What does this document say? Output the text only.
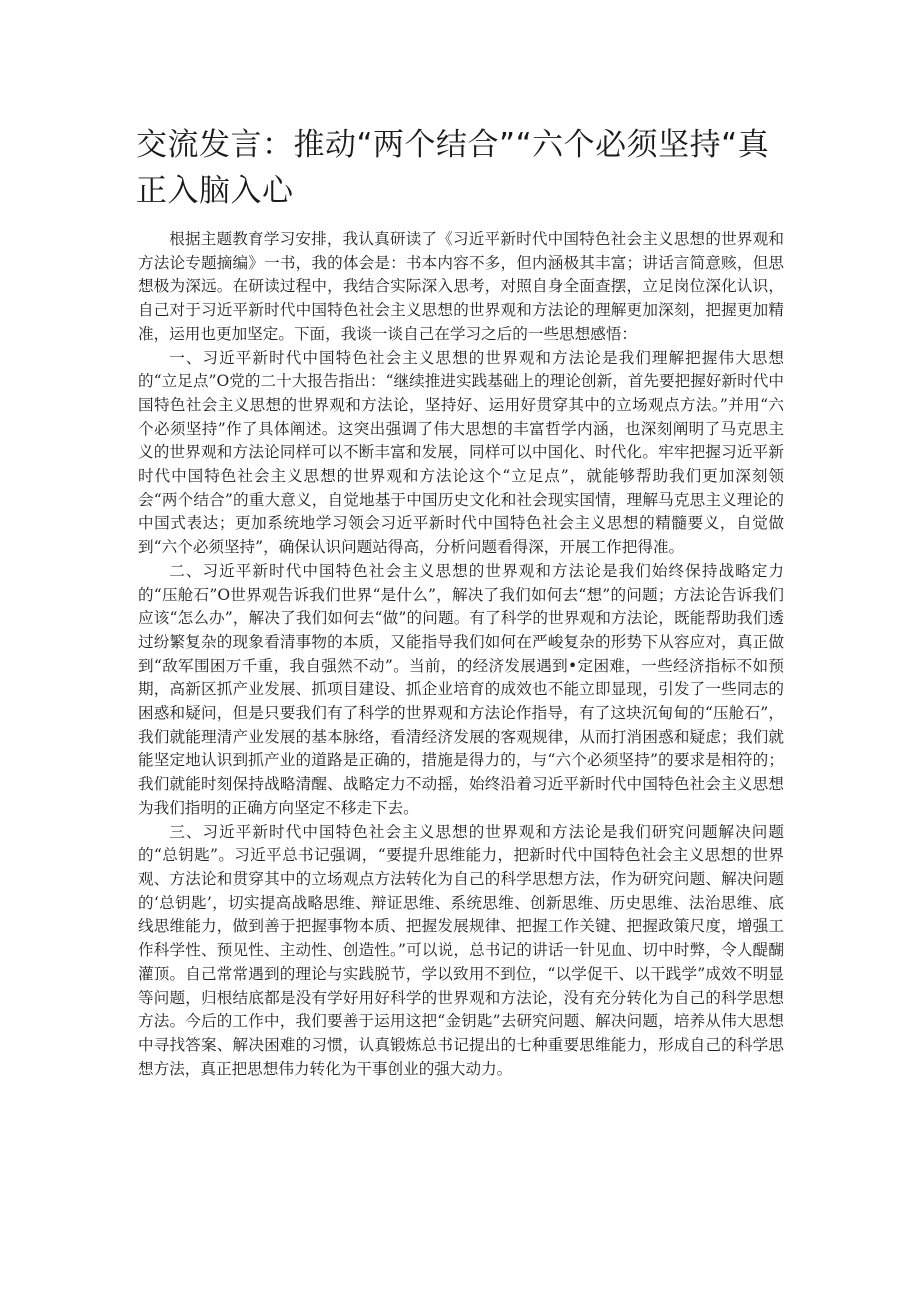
交流发言：推动“两个结合”“六个必须坚持“真正入脑入心

根据主题教育学习安排，我认真研读了《习近平新时代中国特色社会主义思想的世界观和方法论专题摘编》一书，我的体会是：书本内容不多，但内涵极其丰富；讲话言简意赅，但思想极为深远。在研读过程中，我结合实际深入思考，对照自身全面查摆，立足岗位深化认识，自己对于习近平新时代中国特色社会主义思想的世界观和方法论的理解更加深刻，把握更加精准，运用也更加坚定。下面，我谈一谈自己在学习之后的一些思想感悟：

一、习近平新时代中国特色社会主义思想的世界观和方法论是我们理解把握伟大思想的“立足点”O党的二十大报告指出：“继续推进实践基础上的理论创新，首先要把握好新时代中国特色社会主义思想的世界观和方法论，坚持好、运用好贯穿其中的立场观点方法。”并用“六个必须坚持”作了具体阐述。这突出强调了伟大思想的丰富哲学内涵，也深刻阐明了马克思主义的世界观和方法论同样可以不断丰富和发展，同样可以中国化、时代化。牢牢把握习近平新时代中国特色社会主义思想的世界观和方法论这个“立足点”，就能够帮助我们更加深刻领会“两个结合”的重大意义，自觉地基于中国历史文化和社会现实国情，理解马克思主义理论的中国式表达；更加系统地学习领会习近平新时代中国特色社会主义思想的精髓要义，自觉做到“六个必须坚持”，确保认识问题站得高，分析问题看得深，开展工作把得准。

二、习近平新时代中国特色社会主义思想的世界观和方法论是我们始终保持战略定力的“压舱石”O世界观告诉我们世界“是什么”，解决了我们如何去“想”的问题；方法论告诉我们应该“怎么办”，解决了我们如何去“做”的问题。有了科学的世界观和方法论，既能帮助我们透过纷繁复杂的现象看清事物的本质，又能指导我们如何在严峻复杂的形势下从容应对，真正做到“敌军围困万千重，我自强然不动”。当前，的经济发展遇到•定困难，一些经济指标不如预期，高新区抓产业发展、抓项目建设、抓企业培育的成效也不能立即显现，引发了一些同志的困惑和疑问，但是只要我们有了科学的世界观和方法论作指导，有了这块沉甸甸的“压舱石”，我们就能理清产业发展的基本脉络，看清经济发展的客观规律，从而打消困惑和疑虑；我们就能坚定地认识到抓产业的道路是正确的，措施是得力的，与“六个必须坚持”的要求是相符的；我们就能时刻保持战略清醒、战略定力不动摇，始终沿着习近平新时代中国特色社会主义思想为我们指明的正确方向坚定不移走下去。

三、习近平新时代中国特色社会主义思想的世界观和方法论是我们研究问题解决问题的“总钥匙”。习近平总书记强调，“要提升思维能力，把新时代中国特色社会主义思想的世界观、方法论和贯穿其中的立场观点方法转化为自己的科学思想方法，作为研究问题、解决问题的‘总钥匙’，切实提高战略思维、辩证思维、系统思维、创新思维、历史思维、法治思维、底线思维能力，做到善于把握事物本质、把握发展规律、把握工作关键、把握政策尺度，增强工作科学性、预见性、主动性、创造性。”可以说，总书记的讲话一针见血、切中时弊，令人醍醐灌顶。自己常常遇到的理论与实践脱节，学以致用不到位，“以学促干、以干践学”成效不明显等问题，归根结底都是没有学好用好科学的世界观和方法论，没有充分转化为自己的科学思想方法。今后的工作中，我们要善于运用这把“金钥匙”去研究问题、解决问题，培养从伟大思想中寻找答案、解决困难的习惯，认真锻炼总书记提出的七种重要思维能力，形成自己的科学思想方法，真正把思想伟力转化为干事创业的强大动力。
